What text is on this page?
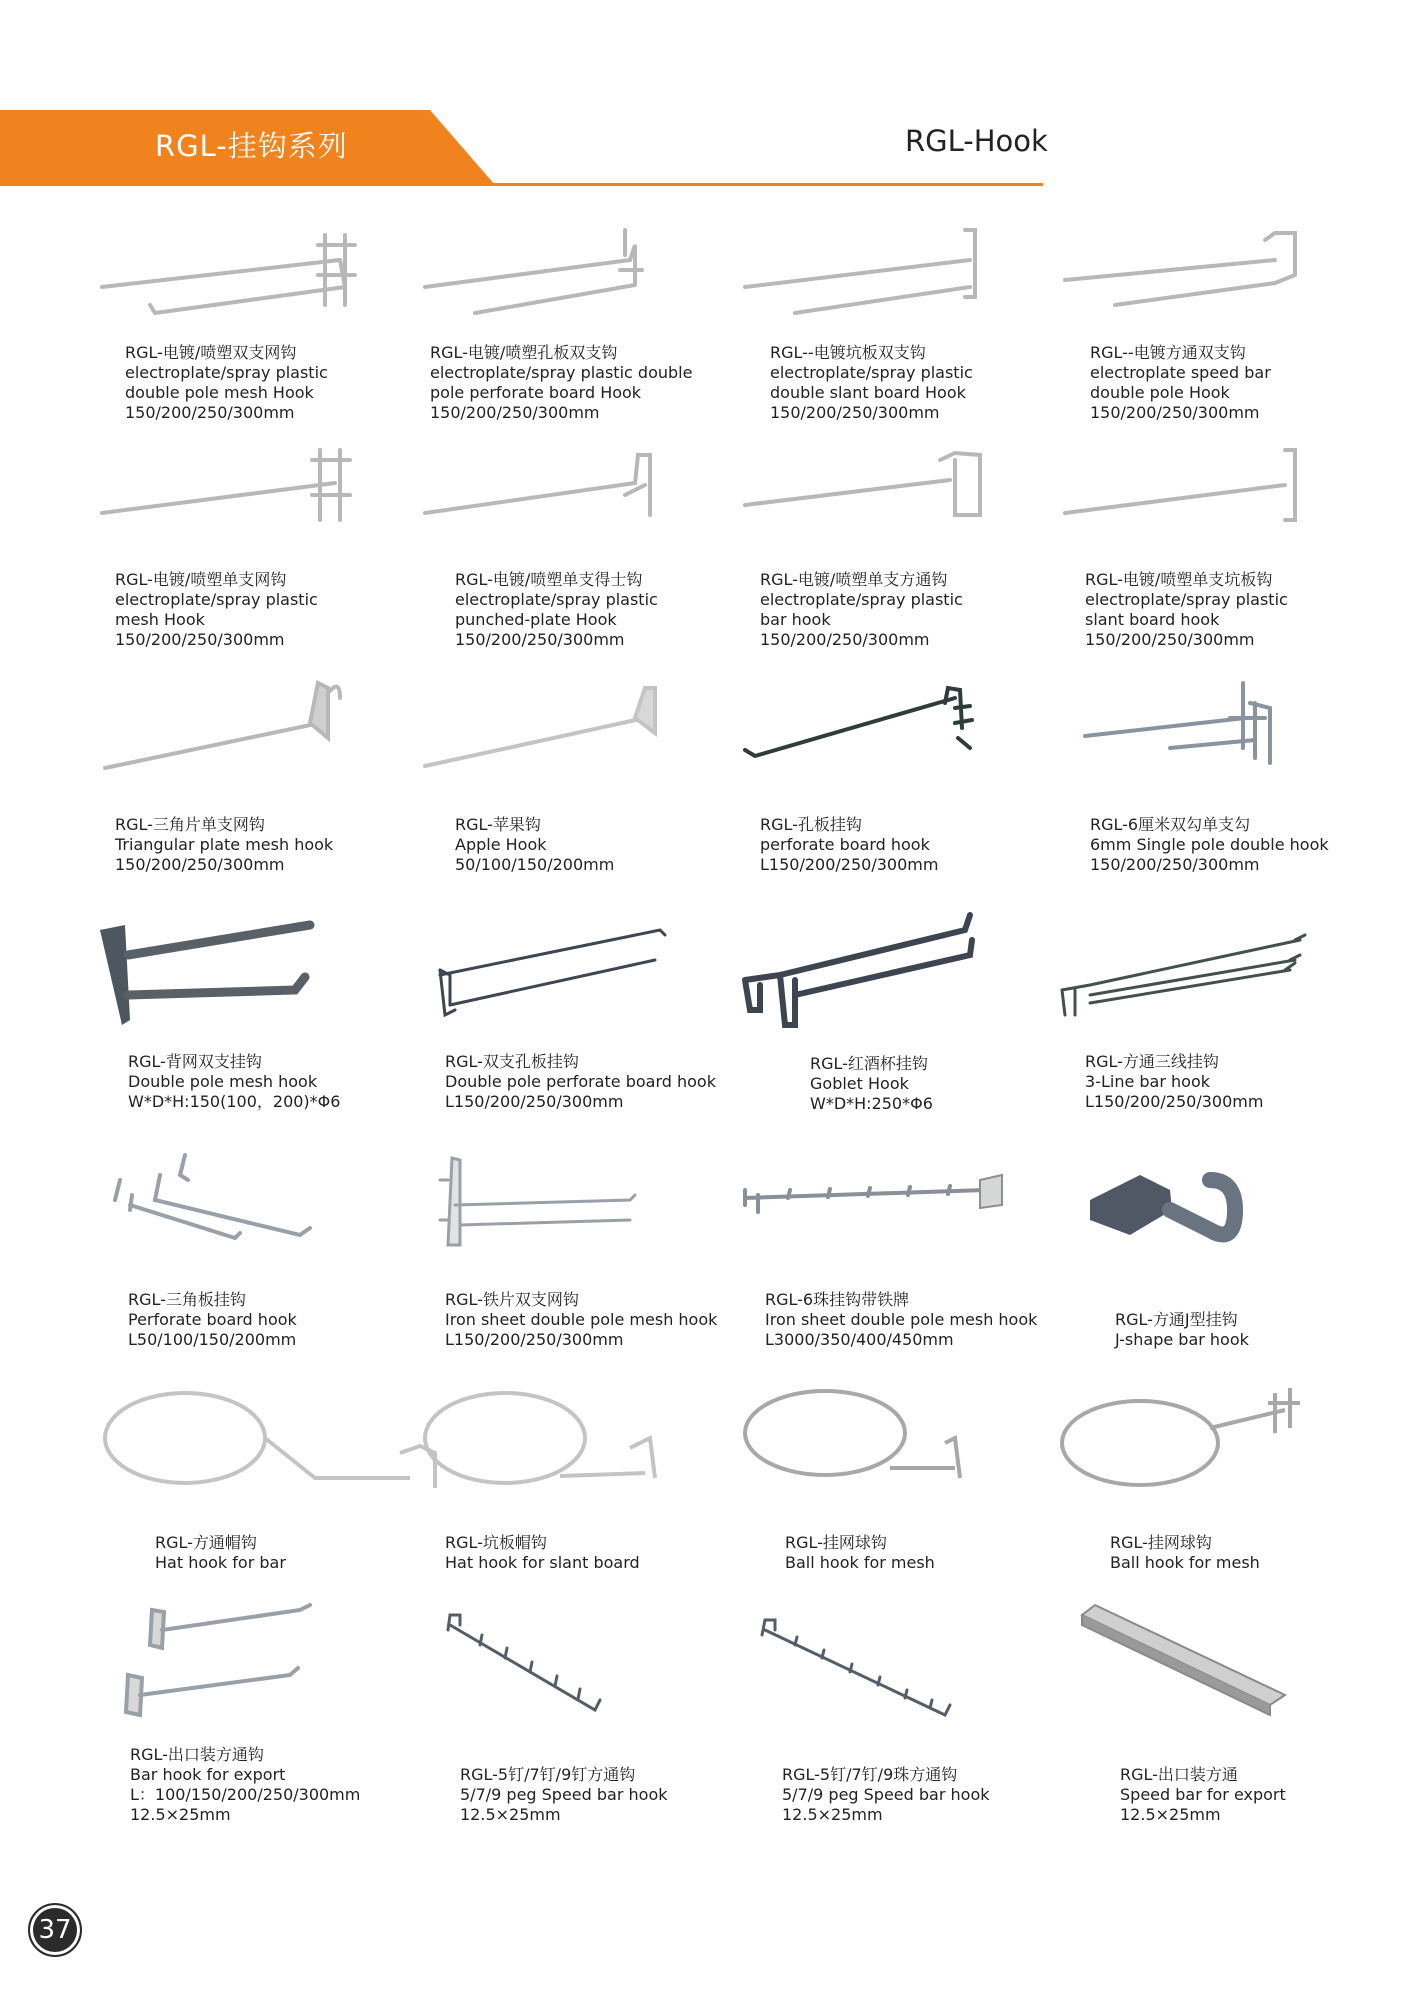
RGL-挂钩系列	RGL-Hook
RGL-电镀/喷塑双支网钩
electroplate/spray plastic
double pole mesh Hook
150/200/250/300mm
RGL-电镀/喷塑孔板双支钩
electroplate/spray plastic double
pole perforate board Hook
150/200/250/300mm
RGL--电镀坑板双支钩
electroplate/spray plastic
double slant board Hook
150/200/250/300mm
RGL--电镀方通双支钩
electroplate speed bar
double pole Hook
150/200/250/300mm
RGL-电镀/喷塑单支网钩
electroplate/spray plastic
mesh Hook
150/200/250/300mm
RGL-电镀/喷塑单支得士钩
electroplate/spray plastic
punched-plate Hook
150/200/250/300mm
RGL-电镀/喷塑单支方通钩
electroplate/spray plastic
bar hook
150/200/250/300mm
RGL-电镀/喷塑单支坑板钩
electroplate/spray plastic
slant board hook
150/200/250/300mm
RGL-三角片单支网钩
Triangular plate mesh hook
150/200/250/300mm
RGL-苹果钩
Apple Hook
50/100/150/200mm
RGL-孔板挂钩
perforate board hook
L150/200/250/300mm
RGL-6厘米双勾单支勾
6mm Single pole double hook
150/200/250/300mm
RGL-背网双支挂钩
Double pole mesh hook
W*D*H:150(100，200)*Φ6
RGL-双支孔板挂钩
Double pole perforate board hook
L150/200/250/300mm
RGL-红酒杯挂钩
Goblet Hook
W*D*H:250*Φ6
RGL-方通三线挂钩
3-Line bar hook
L150/200/250/300mm
RGL-三角板挂钩
Perforate board hook
L50/100/150/200mm
RGL-铁片双支网钩
Iron sheet double pole mesh hook
L150/200/250/300mm
RGL-6珠挂钩带铁牌
Iron sheet double pole mesh hook
L3000/350/400/450mm
RGL-方通J型挂钩
J-shape bar hook
RGL-方通帽钩
Hat hook for bar
RGL-坑板帽钩
Hat hook for slant board
RGL-挂网球钩
Ball hook for mesh
RGL-挂网球钩
Ball hook for mesh
RGL-出口装方通钩
Bar hook for export
L：100/150/200/250/300mm
12.5×25mm
RGL-5钉/7钉/9钉方通钩
5/7/9 peg Speed bar hook
12.5×25mm
RGL-5钉/7钉/9珠方通钩
5/7/9 peg Speed bar hook
12.5×25mm
RGL-出口装方通
Speed bar for export
12.5×25mm
37
